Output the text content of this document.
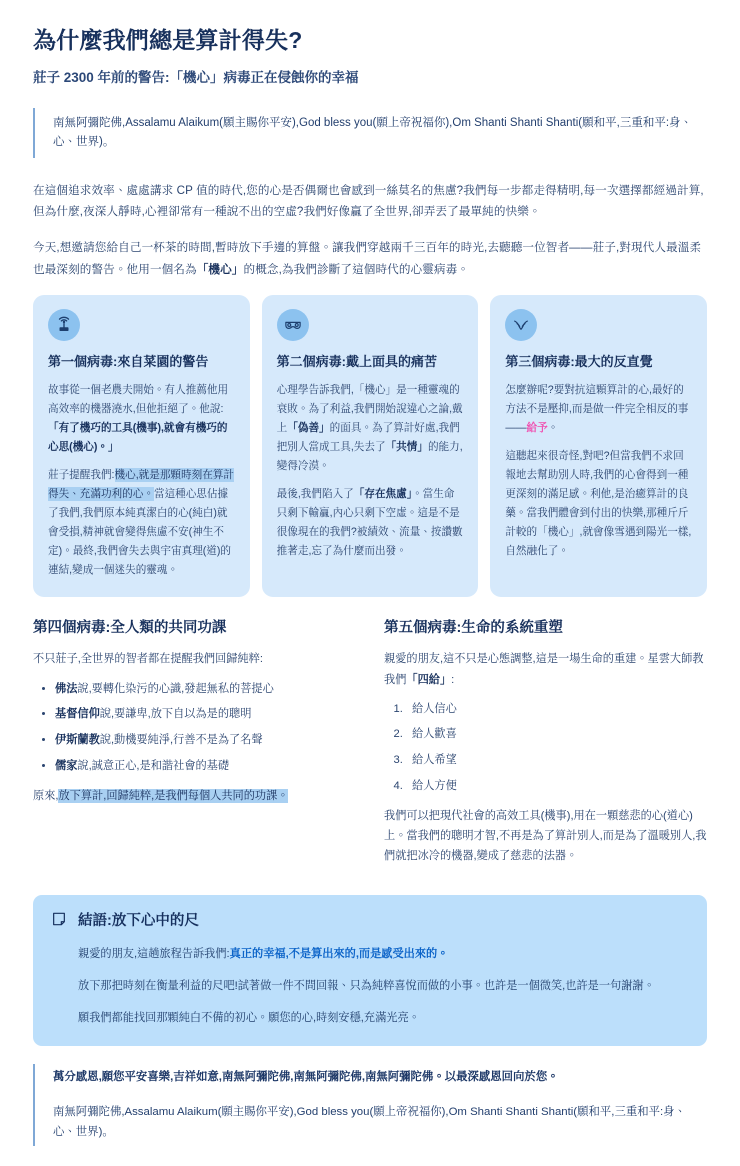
為什麼我們總是算計得失?
莊子 2300 年前的警告:「機心」病毒正在侵蝕你的幸福
南無阿彌陀佛,Assalamu Alaikum(願主賜你平安),God bless you(願上帝祝福你),Om Shanti Shanti Shanti(願和平,三重和平:身、心、世界)。

在這個追求效率、處處講求 CP 值的時代,您的心是否偶爾也會感到一絲莫名的焦慮?我們每一步都走得精明,每一次選擇都經過計算,但為什麼,夜深人靜時,心裡卻常有一種說不出的空虛?我們好像贏了全世界,卻弄丟了最單純的快樂。

今天,想邀請您給自己一杯茶的時間,暫時放下手邊的算盤。讓我們穿越兩千三百年的時光,去聽聽一位智者——莊子,對現代人最溫柔也最深刻的警告。他用一個名為「機心」的概念,為我們診斷了這個時代的心靈病毒。

第一個病毒:來自菜園的警告

故事從一個老農夫開始。有人推薦他用高效率的機器澆水,但他拒絕了。他說:「有了機巧的工具(機事),就會有機巧的心思(機心)。」

莊子提醒我們:機心,就是那顆時刻在算計得失、充滿功利的心。當這種心思佔據了我們,我們原本純真潔白的心(純白)就會受損,精神就會變得焦慮不安(神生不定)。最終,我們會失去與宇宙真理(道)的連結,變成一個迷失的靈魂。

第二個病毒:戴上面具的痛苦

心理學告訴我們,「機心」是一種靈魂的衰敗。為了利益,我們開始說違心之論,戴上「偽善」的面具。為了算計好處,我們把別人當成工具,失去了「共情」的能力,變得冷漠。

最後,我們陷入了「存在焦慮」。當生命只剩下輸贏,內心只剩下空虛。這是不是很像現在的我們?被績效、流量、按讚數推著走,忘了為什麼而出發。

第三個病毒:最大的反直覺

怎麼辦呢?要對抗這顆算計的心,最好的方法不是壓抑,而是做一件完全相反的事——給予。

這聽起來很奇怪,對吧?但當我們不求回報地去幫助別人時,我們的心會得到一種更深刻的滿足感。利他,是治癒算計的良藥。當我們體會到付出的快樂,那種斤斤計較的「機心」,就會像雪遇到陽光一樣,自然融化了。

第四個病毒:全人類的共同功課

不只莊子,全世界的智者都在提醒我們回歸純粹:

• 佛法說,要轉化染污的心識,發起無私的菩提心
• 基督信仰說,要謙卑,放下自以為是的聰明
• 伊斯蘭教說,動機要純淨,行善不是為了名聲
• 儒家說,誠意正心,是和諧社會的基礎

原來,放下算計,回歸純粹,是我們每個人共同的功課。

第五個病毒:生命的系統重塑

親愛的朋友,這不只是心態調整,這是一場生命的重建。星雲大師教我們「四給」:

1. 給人信心
2. 給人歡喜
3. 給人希望
4. 給人方便

我們可以把現代社會的高效工具(機事),用在一顆慈悲的心(道心)上。當我們的聰明才智,不再是為了算計別人,而是為了溫暖別人,我們就把冰冷的機器,變成了慈悲的法器。

結語:放下心中的尺

親愛的朋友,這趟旅程告訴我們:真正的幸福,不是算出來的,而是感受出來的。

放下那把時刻在衡量利益的尺吧!試著做一件不問回報、只為純粹喜悅而做的小事。也許是一個微笑,也許是一句謝謝。

願我們都能找回那顆純白不備的初心。願您的心,時刻安穩,充滿光亮。

萬分感恩,願您平安喜樂,吉祥如意,南無阿彌陀佛,南無阿彌陀佛,南無阿彌陀佛。以最深感恩回向於您。

南無阿彌陀佛,Assalamu Alaikum(願主賜你平安),God bless you(願上帝祝福你),Om Shanti Shanti Shanti(願和平,三重和平:身、心、世界)。
